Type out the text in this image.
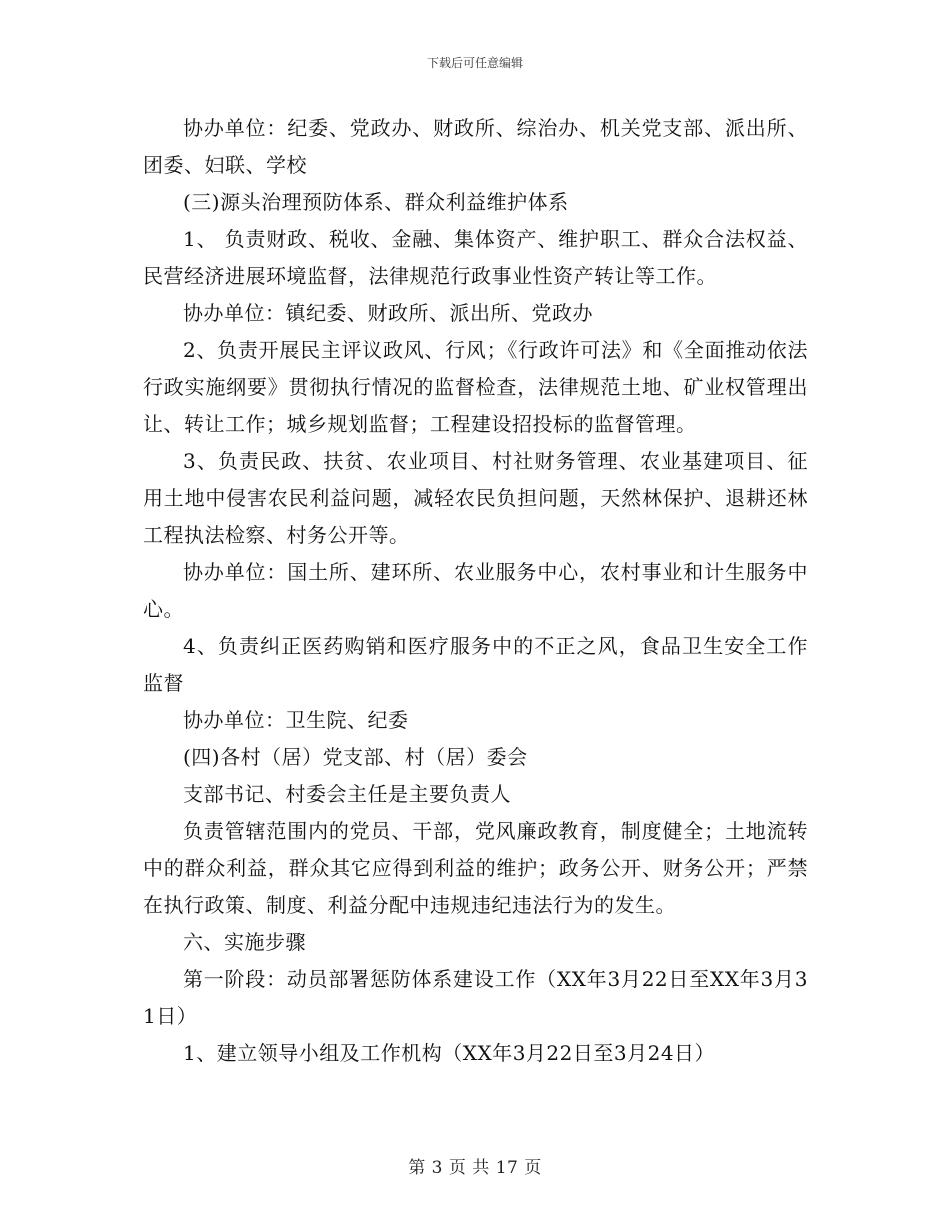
下载后可任意编辑

协办单位：纪委、党政办、财政所、综治办、机关党支部、派出所、团委、妇联、学校

(三)源头治理预防体系、群众利益维护体系

1、 负责财政、税收、金融、集体资产、维护职工、群众合法权益、民营经济进展环境监督，法律规范行政事业性资产转让等工作。

协办单位：镇纪委、财政所、派出所、党政办

2、负责开展民主评议政风、行风；《行政许可法》和《全面推动依法行政实施纲要》贯彻执行情况的监督检查，法律规范土地、矿业权管理出让、转让工作；城乡规划监督；工程建设招投标的监督管理。

3、负责民政、扶贫、农业项目、村社财务管理、农业基建项目、征用土地中侵害农民利益问题，减轻农民负担问题，天然林保护、退耕还林工程执法检察、村务公开等。

协办单位：国土所、建环所、农业服务中心，农村事业和计生服务中心。

4、负责纠正医药购销和医疗服务中的不正之风，食品卫生安全工作监督

协办单位：卫生院、纪委

(四)各村（居）党支部、村（居）委会

支部书记、村委会主任是主要负责人

负责管辖范围内的党员、干部，党风廉政教育，制度健全；土地流转中的群众利益，群众其它应得到利益的维护；政务公开、财务公开；严禁在执行政策、制度、利益分配中违规违纪违法行为的发生。

六、实施步骤

第一阶段：动员部署惩防体系建设工作（XX年3月22日至XX年3月31日）

1、建立领导小组及工作机构（XX年3月22日至3月24日）

第 3 页 共 17 页
